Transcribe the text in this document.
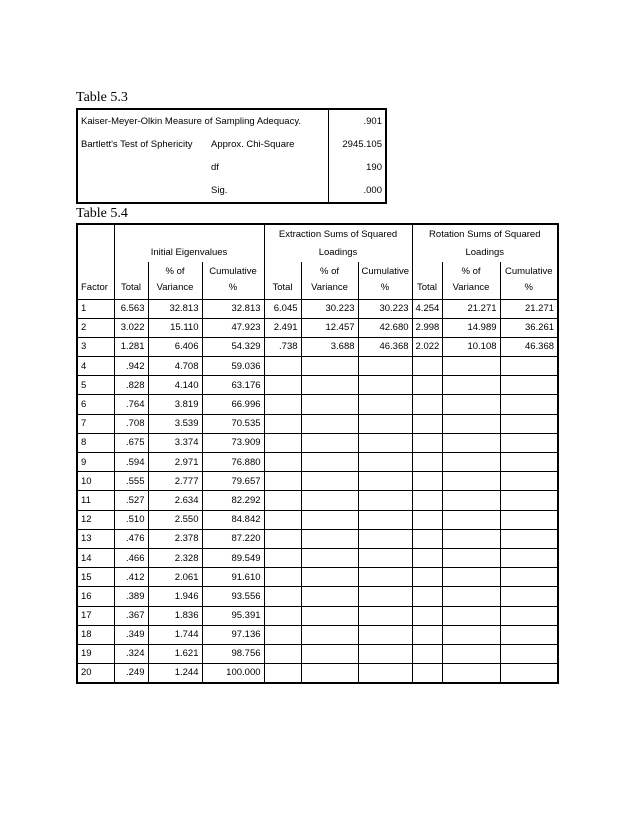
Table 5.3
Kaiser-Meyer-Olkin Measure of Sampling Adequacy.		.901
Bartlett's Test of Sphericity	Approx. Chi-Square	2945.105
	df	190
	Sig.	.000
Table 5.4
				Extraction Sums of Squared			Rotation Sums of Squared		
	Initial Eigenvalues			Loadings			Loadings		
		% of	Cumulative		% of	Cumulative		% of	Cumulative
Factor	Total	Variance	%	Total	Variance	%	Total	Variance	%
1	6.563	32.813	32.813	6.045	30.223	30.223	4.254	21.271	21.271
2	3.022	15.110	47.923	2.491	12.457	42.680	2.998	14.989	36.261
3	1.281	6.406	54.329	.738	3.688	46.368	2.022	10.108	46.368
4	.942	4.708	59.036						
5	.828	4.140	63.176						
6	.764	3.819	66.996						
7	.708	3.539	70.535						
8	.675	3.374	73.909						
9	.594	2.971	76.880						
10	.555	2.777	79.657						
11	.527	2.634	82.292						
12	.510	2.550	84.842						
13	.476	2.378	87.220						
14	.466	2.328	89.549						
15	.412	2.061	91.610						
16	.389	1.946	93.556						
17	.367	1.836	95.391						
18	.349	1.744	97.136						
19	.324	1.621	98.756						
20	.249	1.244	100.000						
